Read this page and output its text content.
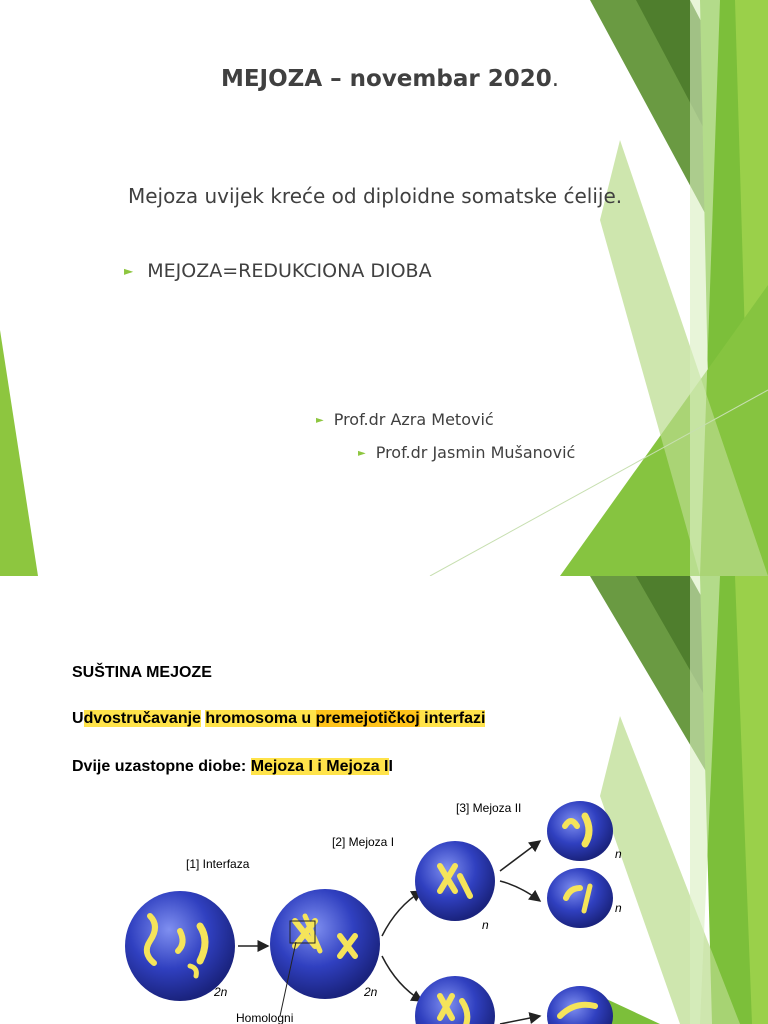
MEJOZA – novembar 2020.
Mejoza uvijek kreće od diploidne somatske ćelije.
► MEJOZA=REDUKCIONA DIOBA
► Prof.dr Azra Metović
► Prof.dr Jasmin Mušanović
SUŠTINA MEJOZE
Udvostručavanje hromosoma u premejotičkoj interfazi
Dvije uzastopne diobe: Mejoza I i Mejoza II
[1] Interfaza
[2] Mejoza I
[3] Mejoza II
2n	2n
n
n
n
Homologni
